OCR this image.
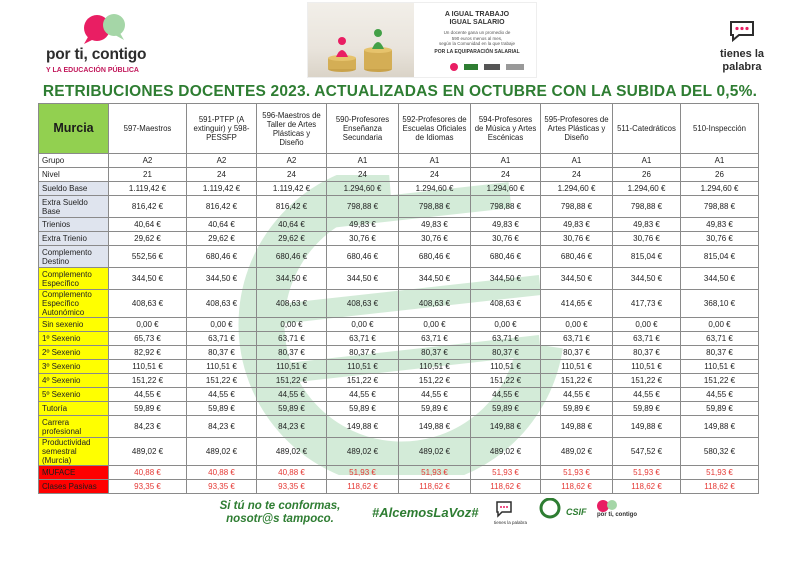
por ti, contigo
Y LA EDUCACIÓN PÚBLICA
A IGUAL TRABAJO
IGUAL SALARIO
Un docente gana un promedio de
590 euros menos al mes,
según la Comunidad en la que trabaje
POR LA EQUIPARACIÓN SALARIAL	tienes la
palabra
RETRIBUCIONES DOCENTES 2023. ACTUALIZADAS EN OCTUBRE CON LA SUBIDA DEL 0,5%.
Murcia	597-Maestros	591-PTFP (A extinguir) y 598-PESSFP	596-Maestros de Taller de Artes Plásticas y Diseño	590-Profesores Enseñanza Secundaria	592-Profesores de Escuelas Oficiales de Idiomas	594-Profesores de Música y Artes Escénicas	595-Profesores de Artes Plásticas y Diseño	511-Catedráticos	510-Inspección
Grupo	A2	A2	A2	A1	A1	A1	A1	A1	A1
Nivel	21	24	24	24	24	24	24	26	26
Sueldo Base	1.119,42 €	1.119,42 €	1.119,42 €	1.294,60 €	1.294,60 €	1.294,60 €	1.294,60 €	1.294,60 €	1.294,60 €
Extra Sueldo Base	816,42 €	816,42 €	816,42 €	798,88 €	798,88 €	798,88 €	798,88 €	798,88 €	798,88 €
Trienios	40,64 €	40,64 €	40,64 €	49,83 €	49,83 €	49,83 €	49,83 €	49,83 €	49,83 €
Extra Trienio	29,62 €	29,62 €	29,62 €	30,76 €	30,76 €	30,76 €	30,76 €	30,76 €	30,76 €
Complemento Destino	552,56 €	680,46 €	680,46 €	680,46 €	680,46 €	680,46 €	680,46 €	815,04 €	815,04 €
Complemento Específico	344,50 €	344,50 €	344,50 €	344,50 €	344,50 €	344,50 €	344,50 €	344,50 €	344,50 €
Complemento Específico Autonómico	408,63 €	408,63 €	408,63 €	408,63 €	408,63 €	408,63 €	414,65 €	417,73 €	368,10 €
Sin sexenio	0,00 €	0,00 €	0,00 €	0,00 €	0,00 €	0,00 €	0,00 €	0,00 €	0,00 €
1º Sexenio	65,73 €	63,71 €	63,71 €	63,71 €	63,71 €	63,71 €	63,71 €	63,71 €	63,71 €
2º Sexenio	82,92 €	80,37 €	80,37 €	80,37 €	80,37 €	80,37 €	80,37 €	80,37 €	80,37 €
3º Sexenio	110,51 €	110,51 €	110,51 €	110,51 €	110,51 €	110,51 €	110,51 €	110,51 €	110,51 €
4º Sexenio	151,22 €	151,22 €	151,22 €	151,22 €	151,22 €	151,22 €	151,22 €	151,22 €	151,22 €
5º Sexenio	44,55 €	44,55 €	44,55 €	44,55 €	44,55 €	44,55 €	44,55 €	44,55 €	44,55 €
Tutoría	59,89 €	59,89 €	59,89 €	59,89 €	59,89 €	59,89 €	59,89 €	59,89 €	59,89 €
Carrera profesional	84,23 €	84,23 €	84,23 €	149,88 €	149,88 €	149,88 €	149,88 €	149,88 €	149,88 €
Productividad semestral (Murcia)	489,02 €	489,02 €	489,02 €	489,02 €	489,02 €	489,02 €	489,02 €	547,52 €	580,32 €
MUFACE	40,88 €	40,88 €	40,88 €	51,93 €	51,93 €	51,93 €	51,93 €	51,93 €	51,93 €
Clases Pasivas	93,35 €	93,35 €	93,35 €	118,62 €	118,62 €	118,62 €	118,62 €	118,62 €	118,62 €
Si tú no te conformas,
nosotr@s tampoco.	#AlcemosLaVoz#	CSIF por ti, contigo
tienes la palabra
